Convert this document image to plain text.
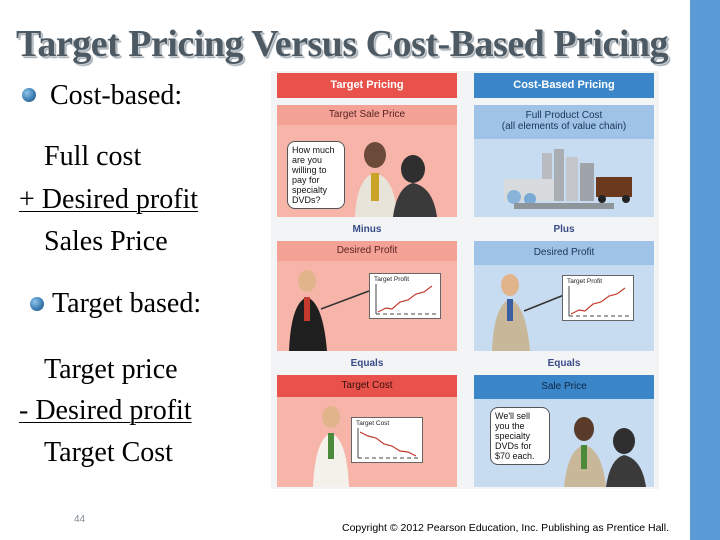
Target Pricing Versus Cost-Based Pricing
Cost-based:
Full cost
+ Desired profit
Sales Price
Target based:
Target price
- Desired profit
Target Cost
44
Copyright © 2012 Pearson Education, Inc. Publishing as Prentice Hall.
Target Pricing
Target Sale Price
How much are you willing to pay for specialty DVDs?
Minus
Desired Profit
Target Profit
Equals
Target Cost
Target Cost
Cost-Based Pricing
Full Product Cost
(all elements of value chain)
Plus
Desired Profit
Target Profit
Equals
Sale Price
We'll sell you the specialty DVDs for $70 each.
